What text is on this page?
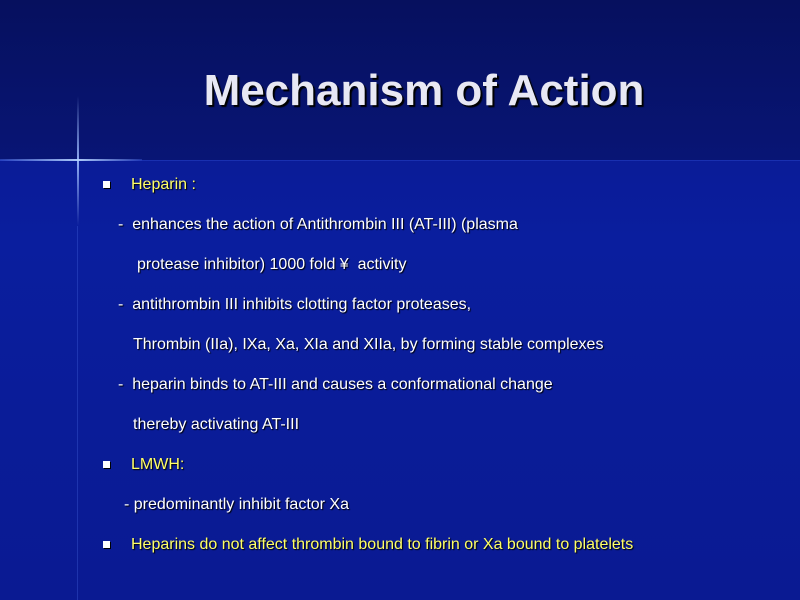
Mechanism of Action
Heparin :
-  enhances the action of Antithrombin III (AT-III) (plasma
protease inhibitor) 1000 fold ¥  activity
-  antithrombin III inhibits clotting factor proteases,
Thrombin (IIa), IXa, Xa, XIa and XIIa, by forming stable complexes
-  heparin binds to AT-III and causes a conformational change
thereby activating AT-III
LMWH:
- predominantly inhibit factor Xa
Heparins do not affect thrombin bound to fibrin or Xa bound to platelets
